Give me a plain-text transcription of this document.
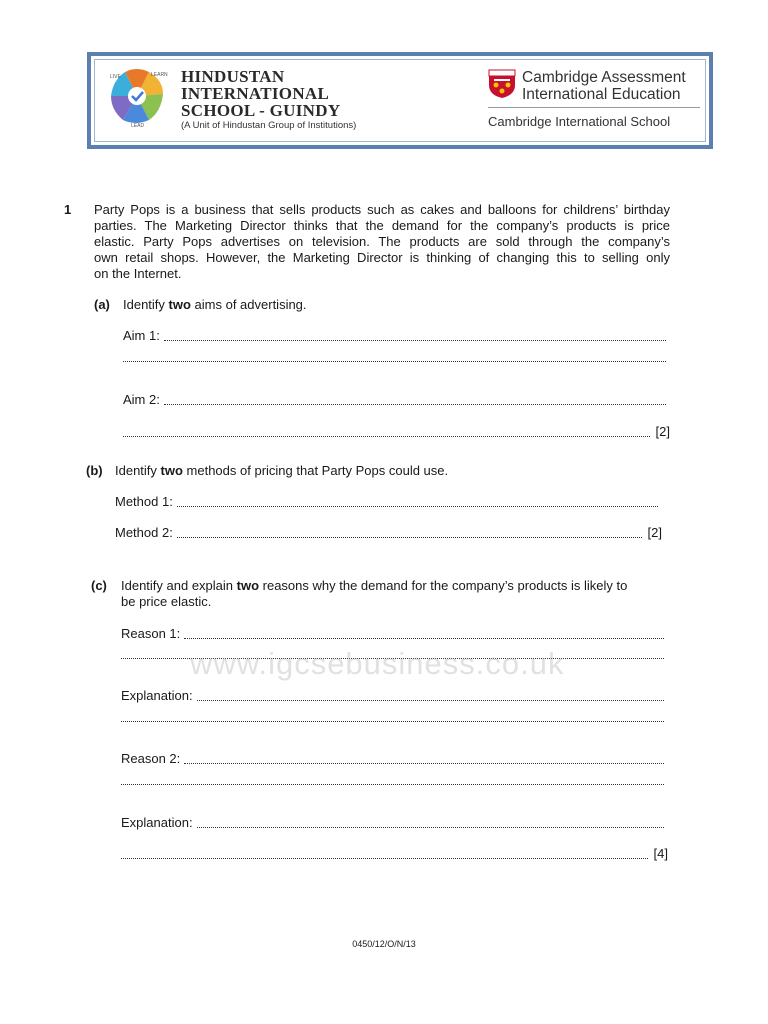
LIVE	LEARN
LEAD
HINDUSTAN
INTERNATIONAL
SCHOOL - GUINDY
(A Unit of Hindustan Group of Institutions)
Cambridge Assessment
International Education
Cambridge International School
1 Party Pops is a business that sells products such as cakes and balloons for childrens’ birthday
parties. The Marketing Director thinks that the demand for the company’s products is price
elastic. Party Pops advertises on television. The products are sold through the company’s
own retail shops. However, the Marketing Director is thinking of changing this to selling only
on the Internet.
(a) Identify two aims of advertising.
Aim 1:
Aim 2:
[2]
(b) Identify two methods of pricing that Party Pops could use.
Method 1:
Method 2:	[2]
(c) Identify and explain two reasons why the demand for the company’s products is likely to
be price elastic.
Reason 1:
Explanation:
Reason 2:
Explanation:
[4]
www.igcsebusiness.co.uk
0450/12/O/N/13
